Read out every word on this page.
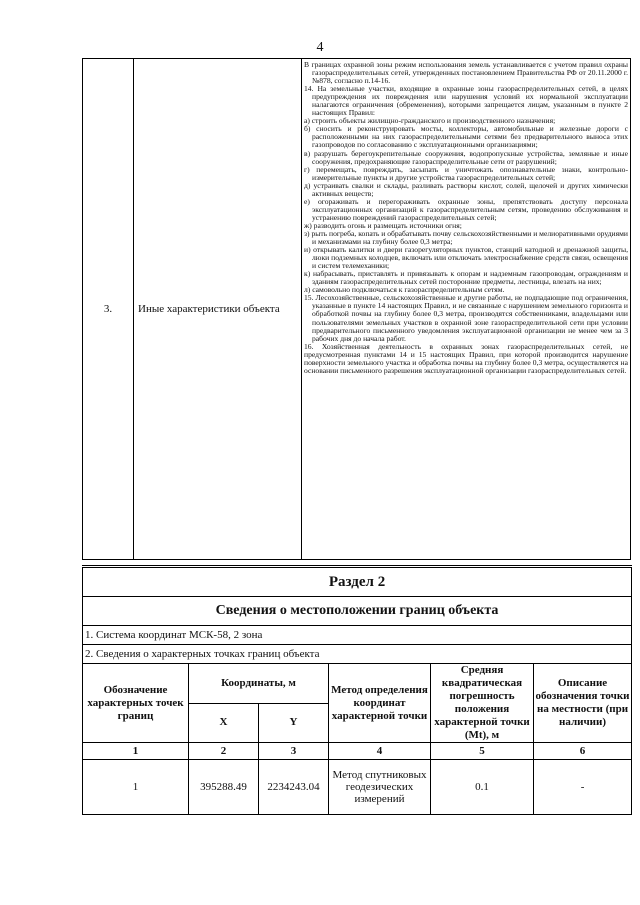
4
3.	Иные характеристики объекта	

В границах охранной зоны режим использования земель устанавливается с учетом правил охраны газораспределительных сетей, утвержденных постановлением Правительства РФ от 20.11.2000 г. №878, согласно п.14-16.

14. На земельные участки, входящие в охранные зоны газораспределительных сетей, в целях предупреждения их повреждения или нарушения условий их нормальной эксплуатации налагаются ограничения (обременения), которыми запрещается лицам, указанным в пункте 2 настоящих Правил:

а) строить объекты жилищно-гражданского и производственного назначения;

б) сносить и реконструировать мосты, коллекторы, автомобильные и железные дороги с расположенными на них газораспределительными сетями без предварительного выноса этих газопроводов по согласованию с эксплуатационными организациями;

в) разрушать берегоукрепительные сооружения, водопропускные устройства, земляные и иные сооружения, предохраняющие газораспределительные сети от разрушений;

г) перемещать, повреждать, засыпать и уничтожать опознавательные знаки, контрольно-измерительные пункты и другие устройства газораспределительных сетей;

д) устраивать свалки и склады, разливать растворы кислот, солей, щелочей и других химически активных веществ;

е) огораживать и перегораживать охранные зоны, препятствовать доступу персонала эксплуатационных организаций к газораспределительным сетям, проведению обслуживания и устранению повреждений газораспределительных сетей;

ж) разводить огонь и размещать источники огня;

з) рыть погреба, копать и обрабатывать почву сельскохозяйственными и мелиоративными орудиями и механизмами на глубину более 0,3 метра;

и) открывать калитки и двери газорегуляторных пунктов, станций катодной и дренажной защиты, люки подземных колодцев, включать или отключать электроснабжение средств связи, освещения и систем телемеханики;

к) набрасывать, приставлять и привязывать к опорам и надземным газопроводам, ограждениям и зданиям газораспределительных сетей посторонние предметы, лестницы, влезать на них;

л) самовольно подключаться к газораспределительным сетям.

15. Лесохозяйственные, сельскохозяйственные и другие работы, не подпадающие под ограничения, указанные в пункте 14 настоящих Правил, и не связанные с нарушением земельного горизонта и обработкой почвы на глубину более 0,3 метра, производятся собственниками, владельцами или пользователями земельных участков в охранной зоне газораспределительной сети при условии предварительного письменного уведомления эксплуатационной организации не менее чем за 3 рабочих дня до начала работ.

16. Хозяйственная деятельность в охранных зонах газораспределительных сетей, не предусмотренная пунктами 14 и 15 настоящих Правил, при которой производится нарушение поверхности земельного участка и обработка почвы на глубину более 0,3 метра, осуществляется на основании письменного разрешения эксплуатационной организации газораспределительных сетей.

Раздел 2					
Сведения о местоположении границ объекта					
1. Система координат МСК-58, 2 зона					
2. Сведения о характерных точках границ объекта					
Обозначение характерных точек границ	Координаты, м		Метод определения координат характерной точки	Средняя квадратическая погрешность положения характерной точки (Mt), м	Описание обозначения точки на местности (при наличии)
	X	Y			
1	2	3	4	5	6
1	395288.49	2234243.04	Метод спутниковых геодезических измерений	0.1	-
